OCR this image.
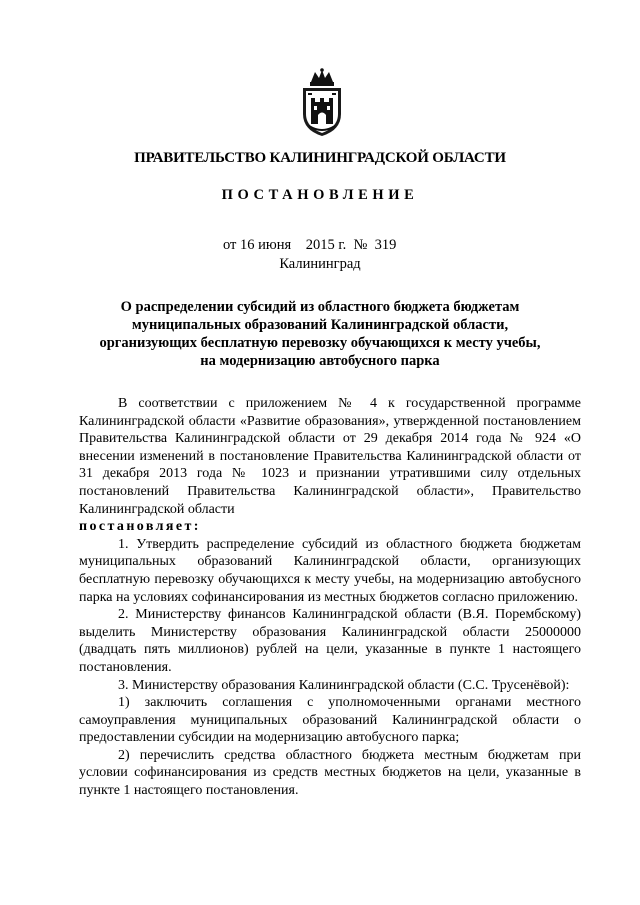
ПРАВИТЕЛЬСТВО КАЛИНИНГРАДСКОЙ ОБЛАСТИ
ПОСТАНОВЛЕНИЕ
от 16 июня 2015 г. № 319
Калининград
О распределении субсидий из областного бюджета бюджетам
муниципальных образований Калининградской области,
организующих бесплатную перевозку обучающихся к месту учебы,
на модернизацию автобусного парка

В соответствии с приложением № 4 к государственной программе Калининградской области «Развитие образования», утвержденной постановлением Правительства Калининградской области от 29 декабря 2014 года № 924 «О внесении изменений в постановление Правительства Калининградской области от 31 декабря 2013 года № 1023 и признании утратившими силу отдельных постановлений Правительства Калининградской области», Правительство Калининградской области

постановляет:

1. Утвердить распределение субсидий из областного бюджета бюджетам муниципальных образований Калининградской области, организующих бесплатную перевозку обучающихся к месту учебы, на модернизацию автобусного парка на условиях софинансирования из местных бюджетов согласно приложению.

2. Министерству финансов Калининградской области (В.Я. Порембскому) выделить Министерству образования Калининградской области 25000000 (двадцать пять миллионов) рублей на цели, указанные в пункте 1 настоящего постановления.

3. Министерству образования Калининградской области (С.С. Трусенёвой):

1) заключить соглашения с уполномоченными органами местного самоуправления муниципальных образований Калининградской области о предоставлении субсидии на модернизацию автобусного парка;

2) перечислить средства областного бюджета местным бюджетам при условии софинансирования из средств местных бюджетов на цели, указанные в пункте 1 настоящего постановления.
